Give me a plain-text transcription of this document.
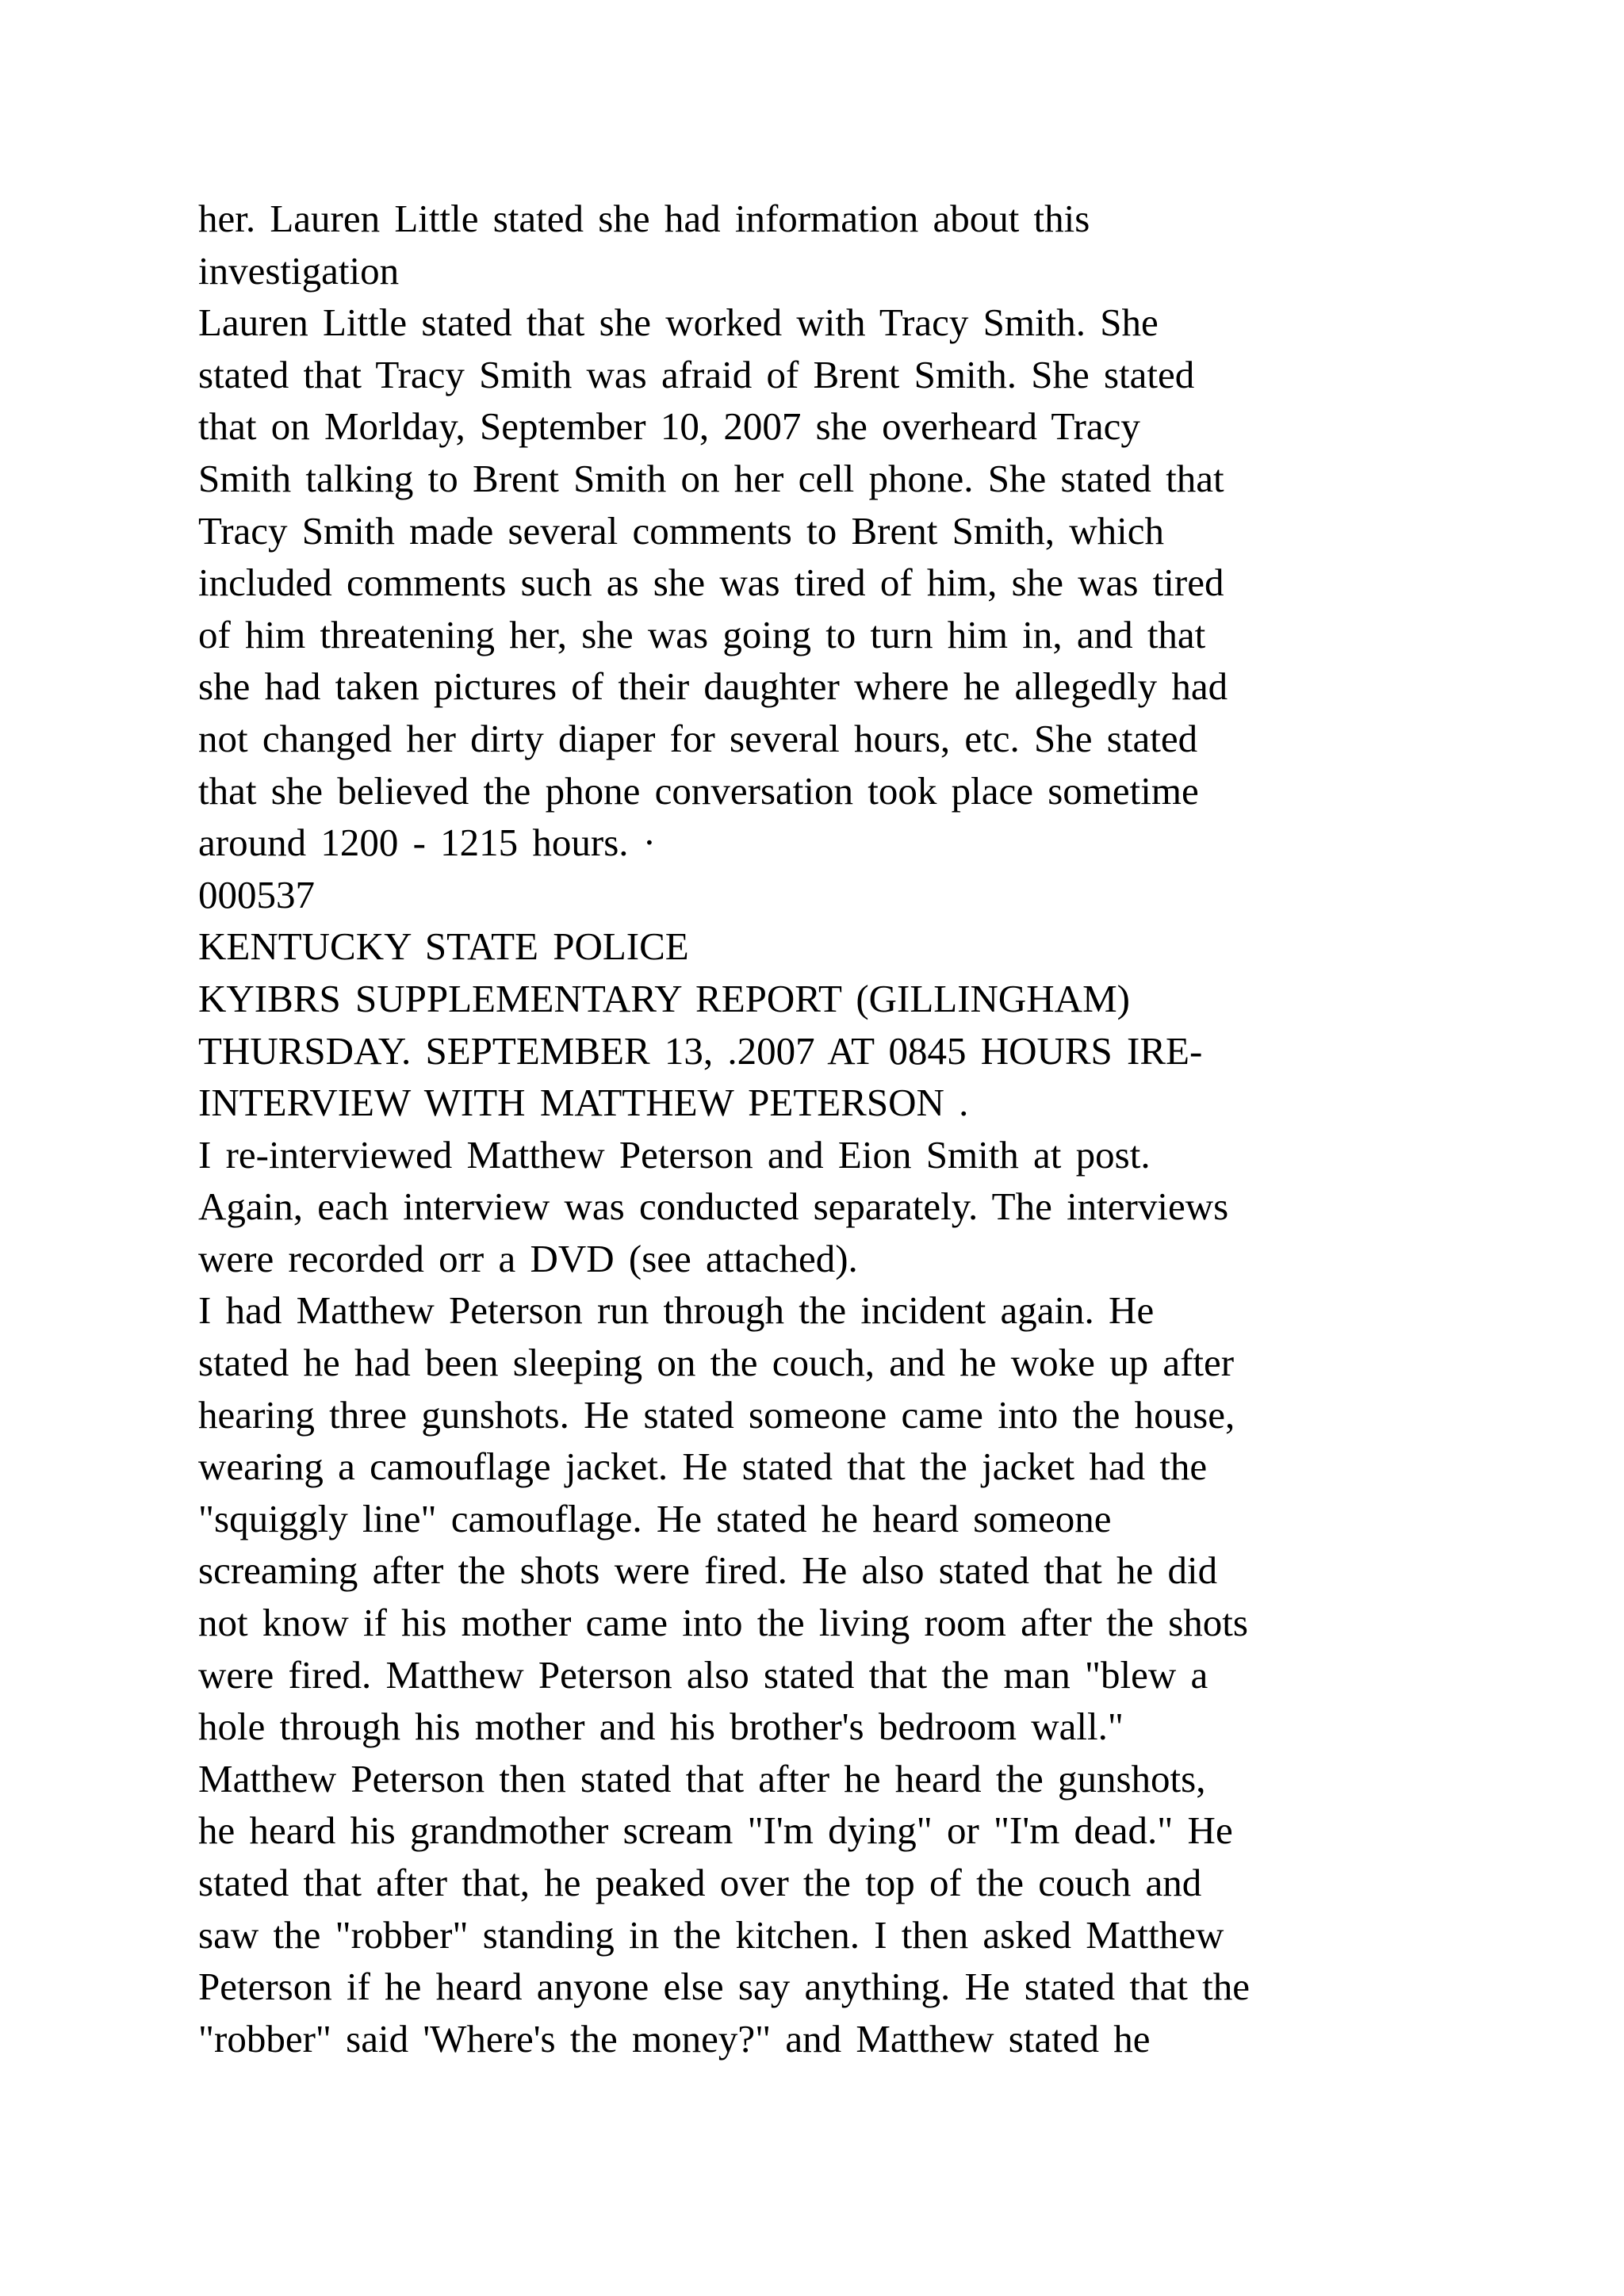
her. Lauren Little stated she had information about this
investigation
Lauren Little stated that she worked with Tracy Smith. She
stated that Tracy Smith was afraid of Brent Smith. She stated
that on Morlday, September 10, 2007 she overheard Tracy
Smith talking to Brent Smith on her cell phone. She stated that
Tracy Smith made several comments to Brent Smith, which
included comments such as she was tired of him, she was tired
of him threatening her, she was going to turn him in, and that
she had taken pictures of their daughter where he allegedly had
not changed her dirty diaper for several hours, etc. She stated
that she believed the phone conversation took place sometime
around 1200 - 1215 hours. ·
000537
KENTUCKY STATE POLICE
KYIBRS SUPPLEMENTARY REPORT (GILLINGHAM)
THURSDAY. SEPTEMBER 13, .2007 AT 0845 HOURS IRE-
INTERVIEW WITH MATTHEW PETERSON .
I re-interviewed Matthew Peterson and Eion Smith at post.
Again, each interview was conducted separately. The interviews
were recorded orr a DVD (see attached).
I had Matthew Peterson run through the incident again. He
stated he had been sleeping on the couch, and he woke up after
hearing three gunshots. He stated someone came into the house,
wearing a camouflage jacket. He stated that the jacket had the
"squiggly line" camouflage. He stated he heard someone
screaming after the shots were fired. He also stated that he did
not know if his mother came into the living room after the shots
were fired. Matthew Peterson also stated that the man "blew a
hole through his mother and his brother's bedroom wall."
Matthew Peterson then stated that after he heard the gunshots,
he heard his grandmother scream "I'm dying" or "I'm dead." He
stated that after that, he peaked over the top of the couch and
saw the "robber" standing in the kitchen. I then asked Matthew
Peterson if he heard anyone else say anything. He stated that the
"robber" said 'Where's the money?" and Matthew stated he
